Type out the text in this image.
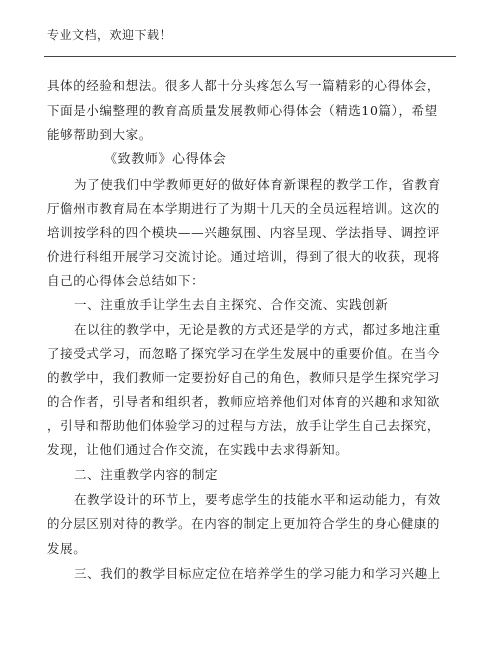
专业文档，欢迎下载！
具体的经验和想法。很多人都十分头疼怎么写一篇精彩的心得体会，
下面是小编整理的教育高质量发展教师心得体会（精选10篇），希望
能够帮助到大家。
《致教师》心得体会
为了使我们中学教师更好的做好体育新课程的教学工作，省教育
厅儋州市教育局在本学期进行了为期十几天的全员远程培训。这次的
培训按学科的四个模块——兴趣氛围、内容呈现、学法指导、调控评
价进行科组开展学习交流讨论。通过培训，得到了很大的收获，现将
自己的心得体会总结如下：
一、注重放手让学生去自主探究、合作交流、实践创新
在以往的教学中，无论是教的方式还是学的方式，都过多地注重
了接受式学习，而忽略了探究学习在学生发展中的重要价值。在当今
的教学中，我们教师一定要扮好自己的角色，教师只是学生探究学习
的合作者，引导者和组织者，教师应培养他们对体育的兴趣和求知欲
，引导和帮助他们体验学习的过程与方法，放手让学生自己去探究，
发现，让他们通过合作交流，在实践中去求得新知。
二、注重教学内容的制定
在教学设计的环节上，要考虑学生的技能水平和运动能力，有效
的分层区别对待的教学。在内容的制定上更加符合学生的身心健康的
发展。
三、我们的教学目标应定位在培养学生的学习能力和学习兴趣上
